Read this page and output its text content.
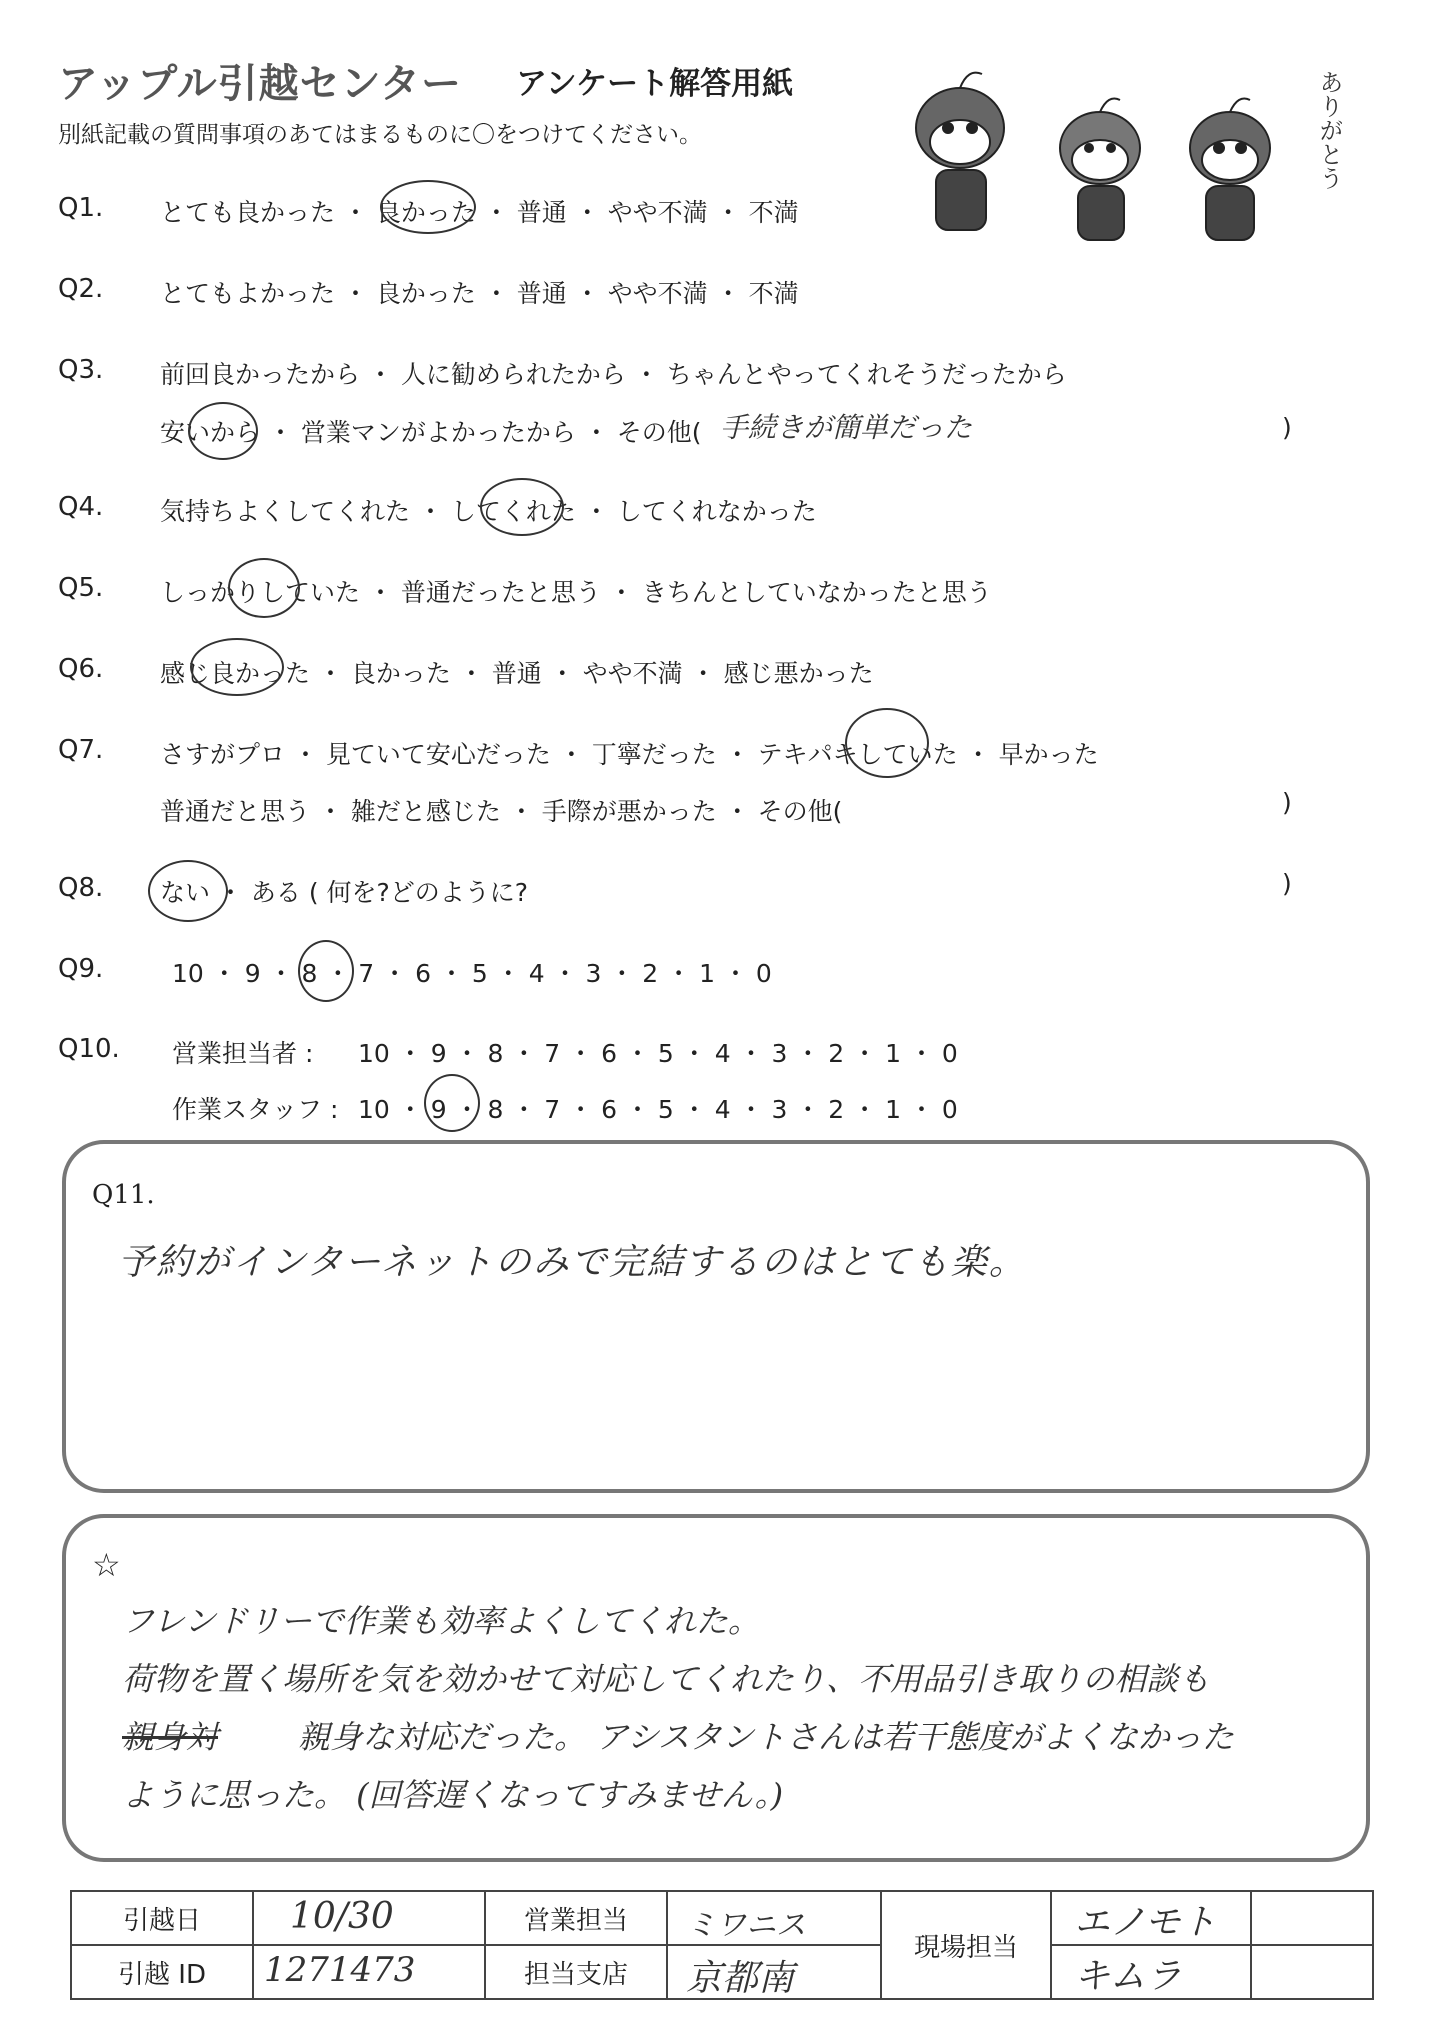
アップル引越センター アンケート解答用紙
別紙記載の質問事項のあてはまるものに〇をつけてください。	ありがとう
Q1. とても良かった ・ 良かった ・ 普通 ・ やや不満 ・ 不満
Q2. とてもよかった ・ 良かった ・ 普通 ・ やや不満 ・ 不満
Q3. 前回良かったから ・ 人に勧められたから ・ ちゃんとやってくれそうだったから
安いから ・ 営業マンがよかったから ・ その他( 手続きが簡単だった	)
Q4. 気持ちよくしてくれた ・ してくれた ・ してくれなかった
Q5. しっかりしていた ・ 普通だったと思う ・ きちんとしていなかったと思う
Q6. 感じ良かった ・ 良かった ・ 普通 ・ やや不満 ・ 感じ悪かった
Q7. さすがプロ ・ 見ていて安心だった ・ 丁寧だった ・ テキパキしていた ・ 早かった
普通だと思う ・ 雑だと感じた ・ 手際が悪かった ・ その他(	)
Q8. ない ・ ある ( 何を?どのように?	)
Q9.	10 ・ 9 ・ 8 ・ 7 ・ 6 ・ 5 ・ 4 ・ 3 ・ 2 ・ 1 ・ 0
Q10. 営業担当者 : 10 ・ 9 ・ 8 ・ 7 ・ 6 ・ 5 ・ 4 ・ 3 ・ 2 ・ 1 ・ 0
作業スタッフ : 10 ・ 9 ・ 8 ・ 7 ・ 6 ・ 5 ・ 4 ・ 3 ・ 2 ・ 1 ・ 0
Q11.
予約がインターネットのみで完結するのはとても楽。
☆
フレンドリーで作業も効率よくしてくれた。
荷物を置く場所を気を効かせて対応してくれたり、不用品引き取りの相談も
親身対 親身な対応だった。 アシスタントさんは若干態度がよくなかった
ように思った。 (回答遅くなってすみません。)
引越日	10/30	営業担当	ミワニス	現場担当	エノモト	

引越 ID	1271473	担当支店	京都南		キムラ	
